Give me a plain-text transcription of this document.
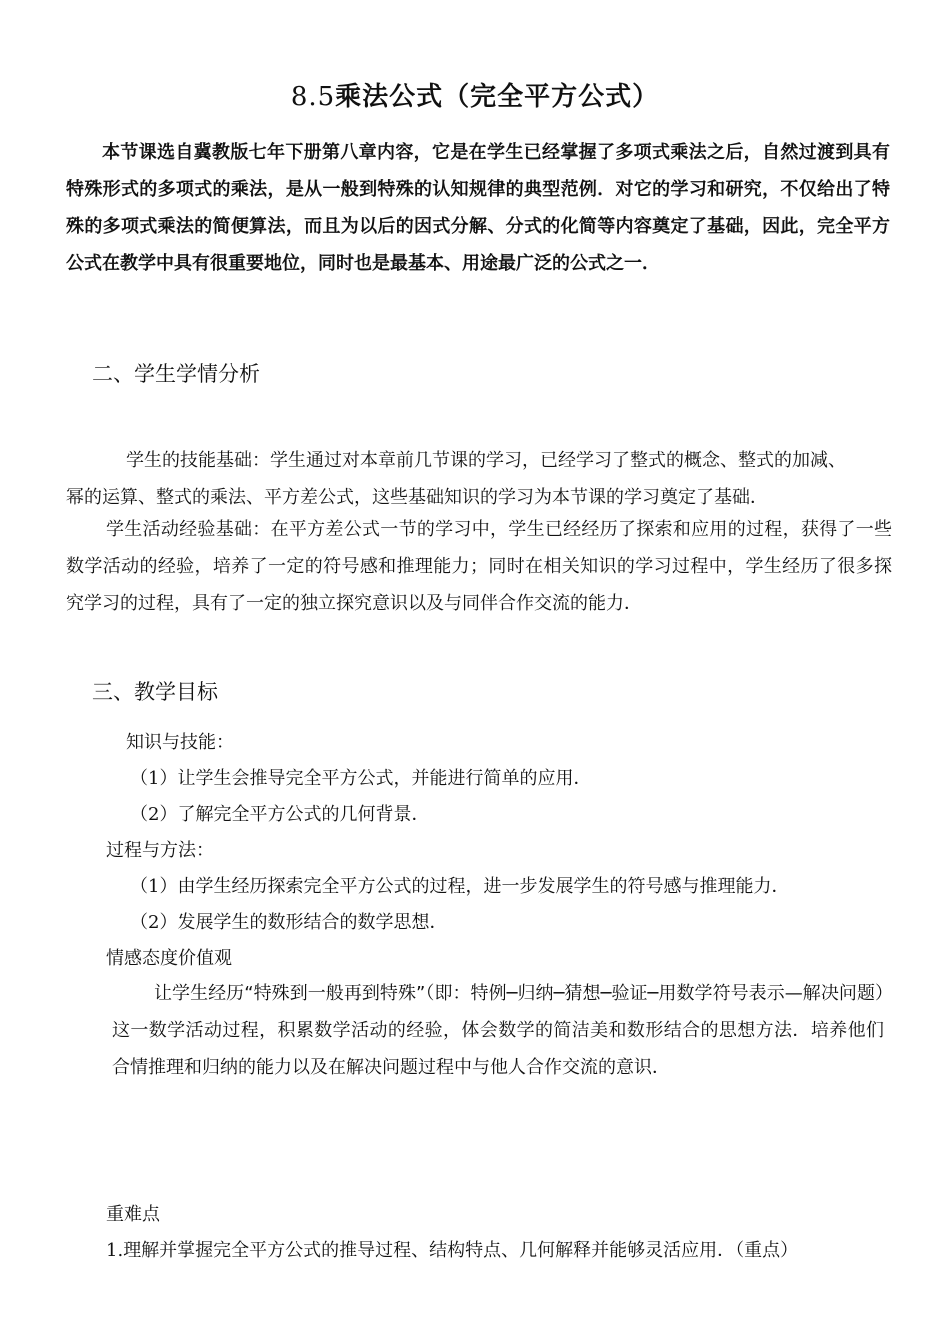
8.5乘法公式（完全平方公式）

本节课选自冀教版七年下册第八章内容，它是在学生已经掌握了多项式乘法之后，自然过渡到具有特殊形式的多项式的乘法，是从一般到特殊的认知规律的典型范例．对它的学习和研究，不仅给出了特殊的多项式乘法的简便算法，而且为以后的因式分解、分式的化简等内容奠定了基础，因此，完全平方公式在教学中具有很重要地位，同时也是最基本、用途最广泛的公式之一．

二、学生学情分析

学生的技能基础：学生通过对本章前几节课的学习，已经学习了整式的概念、整式的加减、

幂的运算、整式的乘法、平方差公式，这些基础知识的学习为本节课的学习奠定了基础．

学生活动经验基础：在平方差公式一节的学习中，学生已经经历了探索和应用的过程，获得了一些数学活动的经验，培养了一定的符号感和推理能力；同时在相关知识的学习过程中，学生经历了很多探究学习的过程，具有了一定的独立探究意识以及与同伴合作交流的能力．

三、教学目标

知识与技能：

（1）让学生会推导完全平方公式，并能进行简单的应用．

（2）了解完全平方公式的几何背景．

过程与方法：

（1）由学生经历探索完全平方公式的过程，进一步发展学生的符号感与推理能力．

（2）发展学生的数形结合的数学思想．

情感态度价值观

让学生经历“特殊到一般再到特殊”（即：特例─归纳─猜想─验证─用数学符号表示—解决问题）这一数学活动过程，积累数学活动的经验，体会数学的简洁美和数形结合的思想方法．培养他们合情推理和归纳的能力以及在解决问题过程中与他人合作交流的意识．

重难点

1.理解并掌握完全平方公式的推导过程、结构特点、几何解释并能够灵活应用．（重点）
